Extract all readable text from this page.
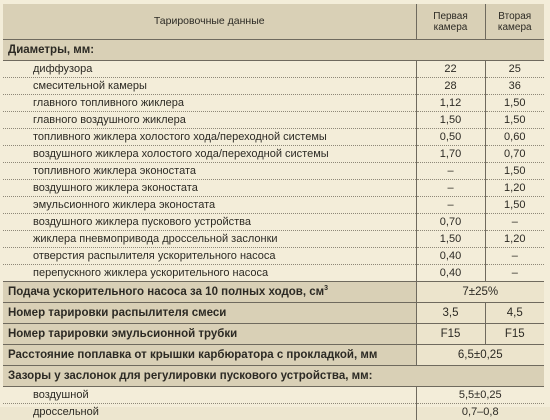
Тарировочные данные	Первая камера	Вторая камера
Диаметры, мм:		
диффузора	22	25
смесительной камеры	28	36
главного топливного жиклера	1,12	1,50
главного воздушного жиклера	1,50	1,50
топливного жиклера холостого хода/переходной системы	0,50	0,60
воздушного жиклера холостого хода/переходной системы	1,70	0,70
топливного жиклера эконостата	–	1,50
воздушного жиклера эконостата	–	1,20
эмульсионного жиклера эконостата	–	1,50
воздушного жиклера пускового устройства	0,70	–
жиклера пневмопривода дроссельной заслонки	1,50	1,20
отверстия распылителя ускорительного насоса	0,40	–
перепускного жиклера ускорительного насоса	0,40	–
Подача ускорительного насоса за 10 полных ходов, $см^3$	7±25%	
Номер тарировки распылителя смеси	3,5	4,5
Номер тарировки эмульсионной трубки	F15	F15
Расстояние поплавка от крышки карбюратора с прокладкой, мм	6,5±0,25	
Зазоры у заслонок для регулировки пускового устройства, мм:		
воздушной	5,5±0,25	
дроссельной	0,7–0,8	
